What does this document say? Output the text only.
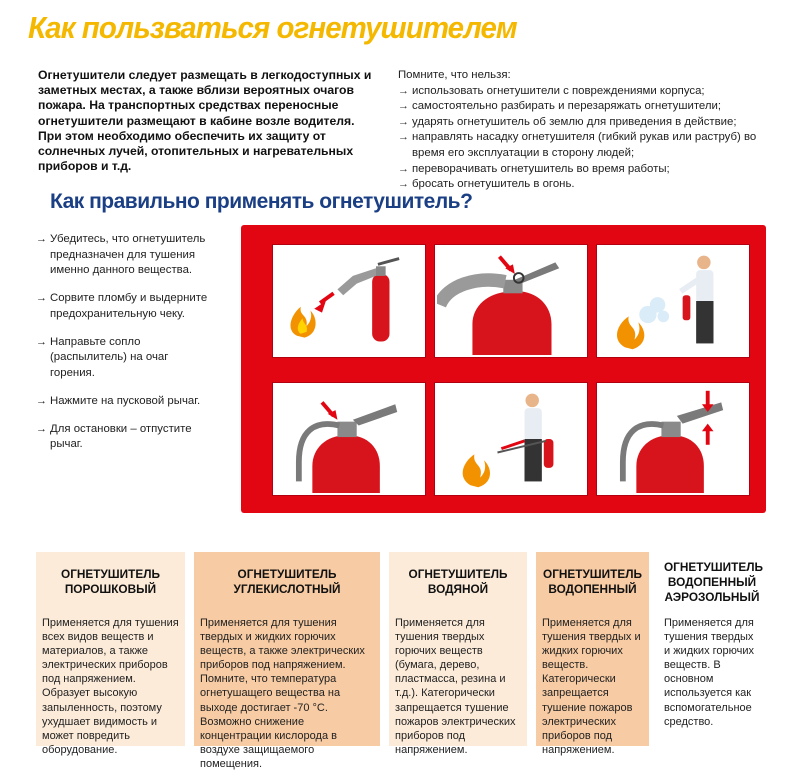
Как пользваться огнетушителем
Огнетушители следует размещать в легкодоступных и заметных местах, а также вблизи вероятных очагов пожара. На транспортных средствах переносные огнетушители размещают в кабине возле водителя. При этом необходимо обеспечить их защиту от солнечных лучей, отопительных и нагревательных приборов и т.д.
Помните, что нельзя:
→ использовать огнетушители с повреждениями корпуса;
→ самостоятельно разбирать и перезаряжать огнетушители;
→ ударять огнетушитель об землю для приведения в действие;
→ направлять насадку огнетушителя (гибкий рукав или раструб) во время его эксплуатации в сторону людей;
→ переворачивать огнетушитель во время работы;
→ бросать огнетушитель в огонь.
Как правильно применять огнетушитель?
→ Убедитесь, что огнетушитель предназначен для тушения именно данного вещества.
→ Сорвите пломбу и выдерните предохранительную чеку.
→ Направьте сопло (распылитель) на очаг горения.
→ Нажмите на пусковой рычаг.
→ Для остановки – отпустите рычаг.
ОГНЕТУШИТЕЛЬ ПОРОШКОВЫЙ
Применяется для тушения всех видов веществ и материалов, а также электрических приборов под напряжением. Образует высокую запыленность, поэтому ухудшает видимость и может повредить оборудование.
ОГНЕТУШИТЕЛЬ УГЛЕКИСЛОТНЫЙ
Применяется для тушения твердых и жидких горючих веществ, а также электрических приборов под напряжением. Помните, что температура огнетушащего вещества на выходе достигает -70 °С. Возможно снижение концентрации кислорода в воздухе защищаемого помещения.
ОГНЕТУШИТЕЛЬ ВОДЯНОЙ
Применяется для тушения твердых горючих веществ (бумага, дерево, пластмасса, резина и т.д.). Категорически запрещается тушение пожаров электрических приборов под напряжением.
ОГНЕТУШИТЕЛЬ ВОДОПЕННЫЙ
Применяется для тушения твердых и жидких горючих веществ. Категорически запрещается тушение пожаров электрических приборов под напряжением.
ОГНЕТУШИТЕЛЬ ВОДОПЕННЫЙ АЭРОЗОЛЬНЫЙ
Применяется для тушения твердых и жидких горючих веществ. В основном используется как вспомогательное средство.
